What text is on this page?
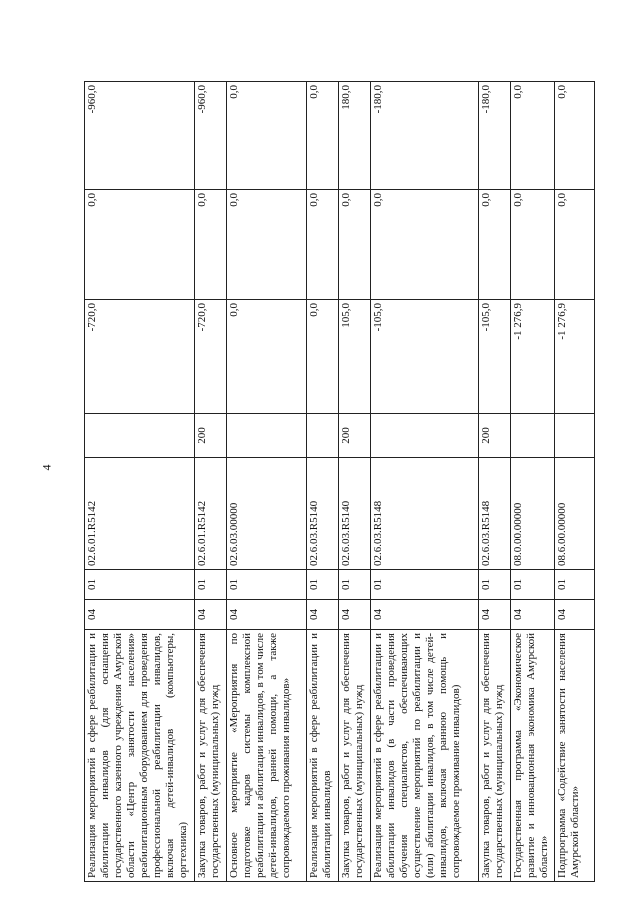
4
Реализация мероприятий в сфере реабилитации и абилитации инвалидов (для оснащения государственного казенного учреждения Амурской области «Центр занятости населения» реабилитационным оборудованием для проведения профессиональной реабилитации инвалидов, включая детей-инвалидов (компьютеры, оргтехника)	04	01	02.6.01.R5142		-720,0	0,0	-960,0
Закупка товаров, работ и услуг для обеспечения государственных (муниципальных) нужд	04	01	02.6.01.R5142	200	-720,0	0,0	-960,0
Основное мероприятие «Мероприятия по подготовке кадров системы комплексной реабилитации и абилитации инвалидов, в том числе детей-инвалидов, ранней помощи, а также сопровождаемого проживания инвалидов»	04	01	02.6.03.00000		0,0	0,0	0,0
Реализация мероприятий в сфере реабилитации и абилитации инвалидов	04	01	02.6.03.R5140		0,0	0,0	0,0
Закупка товаров, работ и услуг для обеспечения государственных (муниципальных) нужд	04	01	02.6.03.R5140	200	105,0	0,0	180,0
Реализация мероприятий в сфере реабилитации и абилитации инвалидов (в части проведения обучения специалистов, обеспечивающих осуществление мероприятий по реабилитации и (или) абилитации инвалидов, в том числе детей-инвалидов, включая раннюю помощь и сопровождаемое проживание инвалидов)	04	01	02.6.03.R5148		-105,0	0,0	-180,0
Закупка товаров, работ и услуг для обеспечения государственных (муниципальных) нужд	04	01	02.6.03.R5148	200	-105,0	0,0	-180,0
Государственная программа «Экономическое развитие и инновационная экономика Амурской области»	04	01	08.0.00.00000		-1 276,9	0,0	0,0
Подпрограмма «Содействие занятости населения Амурской области»	04	01	08.6.00.00000		-1 276,9	0,0	0,0
